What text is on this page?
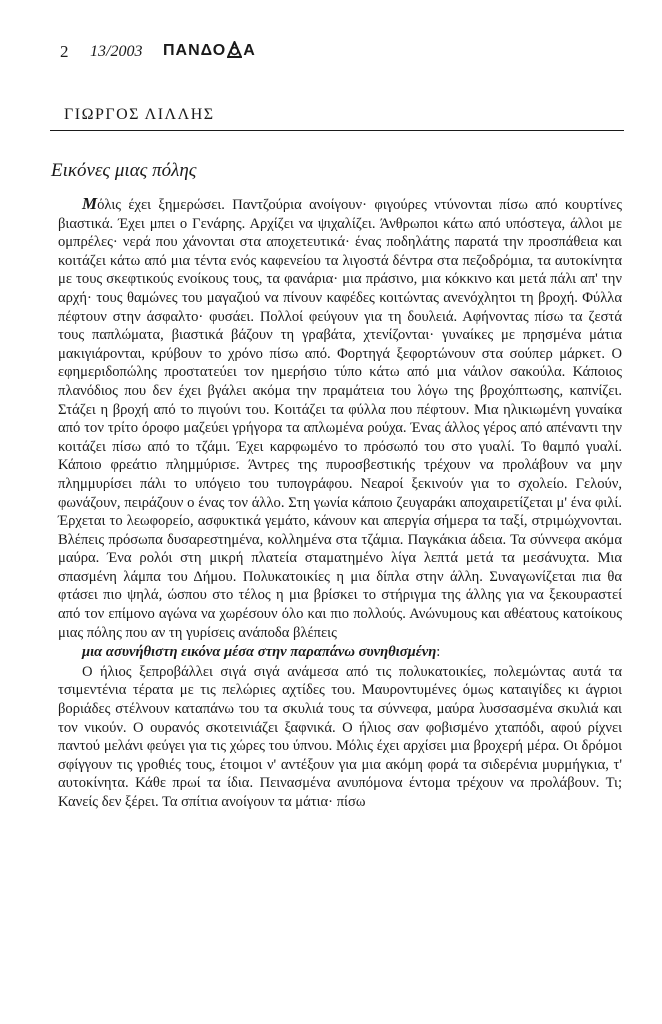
2 13/2003 ΠΑΝΔΟ Α
ΓΙΩΡΓΟΣ ΛΙΛΛΗΣ
Εικόνες μιας πόλης

Μόλις έχει ξημερώσει. Παντζούρια ανοίγουν· φιγούρες ντύνονται πίσω από κουρτίνες βιαστικά. Έχει μπει ο Γενάρης. Αρχίζει να ψιχαλίζει. Άνθρωποι κάτω από υπόστεγα, άλλοι με ομπρέλες· νερά που χάνονται στα αποχετευτικά· ένας ποδηλάτης παρατά την προσπάθεια και κοιτάζει κάτω από μια τέντα ενός καφενείου τα λιγοστά δέντρα στα πεζοδρόμια, τα αυτοκίνητα με τους σκεφτικούς ενοίκους τους, τα φανάρια· μια πράσινο, μια κόκκινο και μετά πάλι απ' την αρχή· τους θαμώνες του μαγαζιού να πίνουν καφέδες κοιτώντας ανενόχλητοι τη βροχή. Φύλλα πέφτουν στην άσφαλτο· φυσάει. Πολλοί φεύγουν για τη δουλειά. Αφήνοντας πίσω τα ζεστά τους παπλώματα, βιαστικά βάζουν τη γραβάτα, χτενίζονται· γυναίκες με πρησμένα μάτια μακιγιάρονται, κρύβουν το χρόνο πίσω από. Φορτηγά ξεφορτώνουν στα σούπερ μάρκετ. Ο εφημεριδοπώλης προστατεύει τον ημερήσιο τύπο κάτω από μια νάιλον σακούλα. Κάποιος πλανόδιος που δεν έχει βγάλει ακόμα την πραμάτεια του λόγω της βροχόπτωσης, καπνίζει. Στάζει η βροχή από το πιγούνι του. Κοιτάζει τα φύλλα που πέφτουν. Μια ηλικιωμένη γυναίκα από τον τρίτο όροφο μαζεύει γρήγορα τα απλωμένα ρούχα. Ένας άλλος γέρος από απέναντι την κοιτάζει πίσω από το τζάμι. Έχει καρφωμένο το πρόσωπό του στο γυαλί. Το θαμπό γυαλί. Κάποιο φρεάτιο πλημμύρισε. Άντρες της πυροσβεστικής τρέχουν να προλάβουν να μην πλημμυρίσει πάλι το υπόγειο του τυπογράφου. Νεαροί ξεκινούν για το σχολείο. Γελούν, φωνάζουν, πειράζουν ο ένας τον άλλο. Στη γωνία κάποιο ζευγαράκι αποχαιρετίζεται μ' ένα φιλί. Έρχεται το λεωφορείο, ασφυκτικά γεμάτο, κάνουν και απεργία σήμερα τα ταξί, στριμώχνονται. Βλέπεις πρόσωπα δυσαρεστημένα, κολλημένα στα τζάμια. Παγκάκια άδεια. Τα σύννεφα ακόμα μαύρα. Ένα ρολόι στη μικρή πλατεία σταματημένο λίγα λεπτά μετά τα μεσάνυχτα. Μια σπασμένη λάμπα του Δήμου. Πολυκατοικίες η μια δίπλα στην άλλη. Συναγωνίζεται πια θα φτάσει πιο ψηλά, ώσπου στο τέλος η μια βρίσκει το στήριγμα της άλλης για να ξεκουραστεί από τον επίμονο αγώνα να χωρέσουν όλο και πιο πολλούς. Ανώνυμους και αθέατους κατοίκους μιας πόλης που αν τη γυρίσεις ανάποδα βλέπεις

μια ασυνήθιστη εικόνα μέσα στην παραπάνω συνηθισμένη:

Ο ήλιος ξεπροβάλλει σιγά σιγά ανάμεσα από τις πολυκατοικίες, πολεμώντας αυτά τα τσιμεντένια τέρατα με τις πελώριες αχτίδες του. Μαυροντυμένες όμως καταιγίδες κι άγριοι βοριάδες στέλνουν καταπάνω του τα σκυλιά τους τα σύννεφα, μαύρα λυσσασμένα σκυλιά και τον νικούν. Ο ουρανός σκοτεινιάζει ξαφνικά. Ο ήλιος σαν φοβισμένο χταπόδι, αφού ρίχνει παντού μελάνι φεύγει για τις χώρες του ύπνου. Μόλις έχει αρχίσει μια βροχερή μέρα. Οι δρόμοι σφίγγουν τις γροθιές τους, έτοιμοι ν' αντέξουν για μια ακόμη φορά τα σιδερένια μυρμήγκια, τ' αυτοκίνητα. Κάθε πρωί τα ίδια. Πεινασμένα ανυπόμονα έντομα τρέχουν να προλάβουν. Τι; Κανείς δεν ξέρει. Τα σπίτια ανοίγουν τα μάτια· πίσω
